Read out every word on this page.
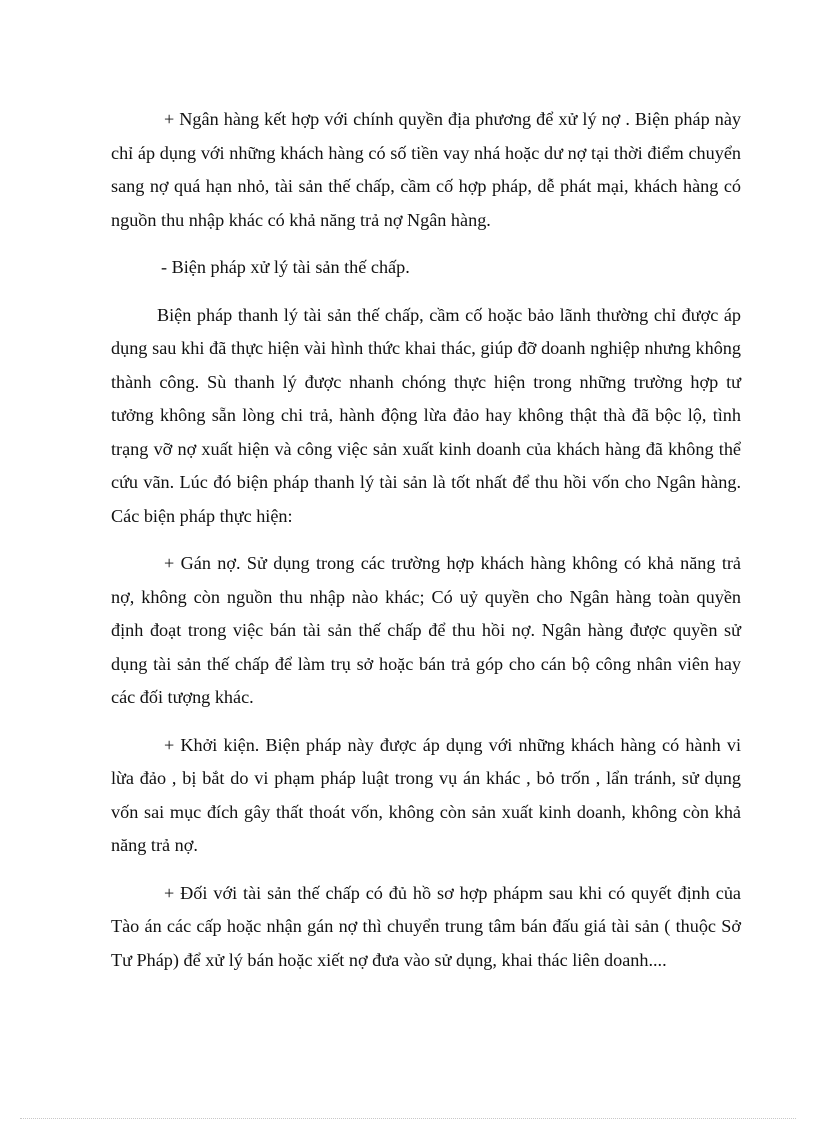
+ Ngân hàng kết hợp với chính quyền địa phương để xử lý nợ . Biện pháp này chỉ áp dụng với những khách hàng có số tiền vay nhá hoặc dư nợ tại thời điểm chuyển sang nợ quá hạn nhỏ, tài sản thế chấp, cầm cố hợp pháp, dễ phát mại, khách hàng có nguồn thu nhập khác có khả năng trả nợ Ngân hàng.

- Biện pháp xử lý tài sản thế chấp.

Biện pháp thanh lý tài sản thế chấp, cầm cố hoặc bảo lãnh thường chỉ được áp dụng sau khi đã thực hiện vài hình thức khai thác, giúp đỡ doanh nghiệp nhưng không thành công. Sù thanh lý được nhanh chóng thực hiện trong những trường hợp tư tưởng không sẵn lòng chi trả, hành động lừa đảo hay không thật thà đã bộc lộ, tình trạng vỡ nợ xuất hiện và công việc sản xuất kinh doanh của khách hàng đã không thể cứu vãn. Lúc đó biện pháp thanh lý tài sản là tốt nhất để thu hồi vốn cho Ngân hàng. Các biện pháp thực hiện:

+ Gán nợ. Sử dụng trong các trường hợp khách hàng không có khả năng trả nợ, không còn nguồn thu nhập nào khác; Có uỷ quyền cho Ngân hàng toàn quyền định đoạt trong việc bán tài sản thế chấp để thu hồi nợ. Ngân hàng được quyền sử dụng tài sản thế chấp để làm trụ sở hoặc bán trả góp cho cán bộ công nhân viên hay các đối tượng khác.

+ Khởi kiện. Biện pháp này được áp dụng với những khách hàng có hành vi lừa đảo , bị bắt do vi phạm pháp luật trong vụ án khác , bỏ trốn , lẩn tránh, sử dụng vốn sai mục đích gây thất thoát vốn, không còn sản xuất kinh doanh, không còn khả năng trả nợ.

+ Đối với tài sản thế chấp có đủ hồ sơ hợp phápm sau khi có quyết định của Tào án các cấp hoặc nhận gán nợ thì chuyển trung tâm bán đấu giá tài sản ( thuộc Sở Tư Pháp) để xử lý bán hoặc xiết nợ đưa vào sử dụng, khai thác liên doanh....
